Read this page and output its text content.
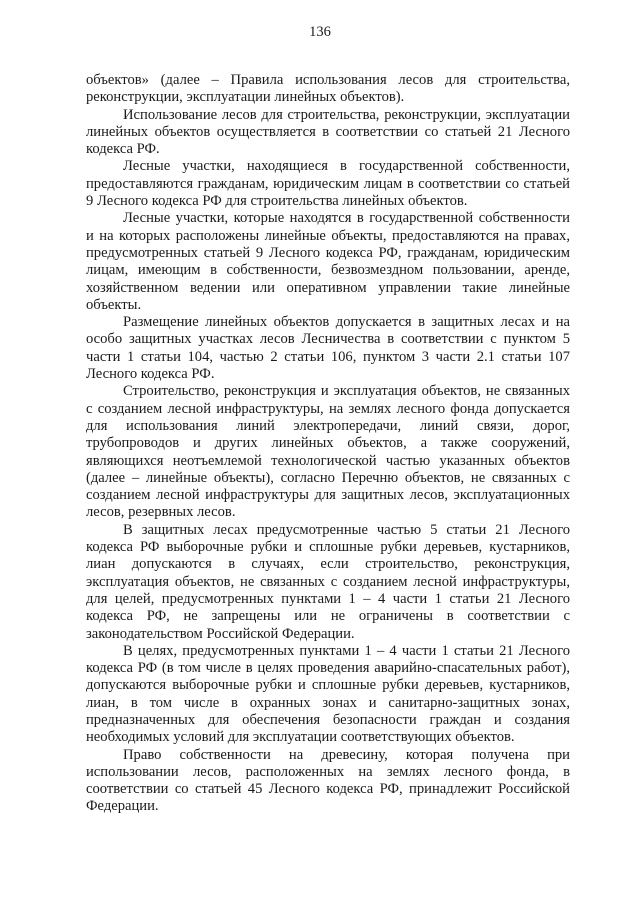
136

объектов» (далее – Правила использования лесов для строительства, реконструкции, эксплуатации линейных объектов).

Использование лесов для строительства, реконструкции, эксплуатации линейных объектов осуществляется в соответствии со статьей 21 Лесного кодекса РФ.

Лесные участки, находящиеся в государственной собственности, предоставляются гражданам, юридическим лицам в соответствии со статьей 9 Лесного кодекса РФ для строительства линейных объектов.

Лесные участки, которые находятся в государственной собственности и на которых расположены линейные объекты, предоставляются на правах, предусмотренных статьей 9 Лесного кодекса РФ, гражданам, юридическим лицам, имеющим в собственности, безвозмездном пользовании, аренде, хозяйственном ведении или оперативном управлении такие линейные объекты.

Размещение линейных объектов допускается в защитных лесах и на особо защитных участках лесов Лесничества в соответствии с пунктом 5 части 1 статьи 104, частью 2 статьи 106, пунктом 3 части 2.1 статьи 107 Лесного кодекса РФ.

Строительство, реконструкция и эксплуатация объектов, не связанных с созданием лесной инфраструктуры, на землях лесного фонда допускается для использования линий электропередачи, линий связи, дорог, трубопроводов и других линейных объектов, а также сооружений, являющихся неотъемлемой технологической частью указанных объектов (далее – линейные объекты), согласно Перечню объектов, не связанных с созданием лесной инфраструктуры для защитных лесов, эксплуатационных лесов, резервных лесов.

В защитных лесах предусмотренные частью 5 статьи 21 Лесного кодекса РФ выборочные рубки и сплошные рубки деревьев, кустарников, лиан допускаются в случаях, если строительство, реконструкция, эксплуатация объектов, не связанных с созданием лесной инфраструктуры, для целей, предусмотренных пунктами 1 – 4 части 1 статьи 21 Лесного кодекса РФ, не запрещены или не ограничены в соответствии с законодательством Российской Федерации.

В целях, предусмотренных пунктами 1 – 4 части 1 статьи 21 Лесного кодекса РФ (в том числе в целях проведения аварийно-спасательных работ), допускаются выборочные рубки и сплошные рубки деревьев, кустарников, лиан, в том числе в охранных зонах и санитарно-защитных зонах, предназначенных для обеспечения безопасности граждан и создания необходимых условий для эксплуатации соответствующих объектов.

Право собственности на древесину, которая получена при использовании лесов, расположенных на землях лесного фонда, в соответствии со статьей 45 Лесного кодекса РФ, принадлежит Российской Федерации.
